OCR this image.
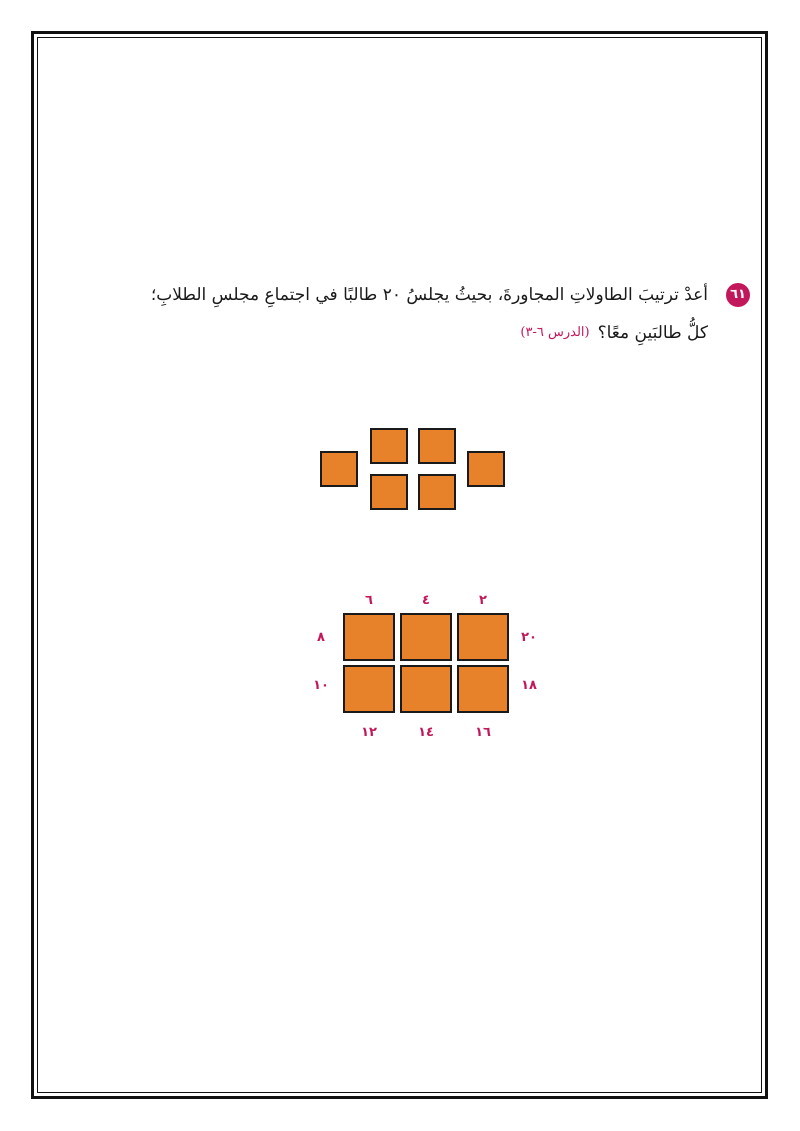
٦١
أعدْ ترتيبَ الطاولاتِ المجاورةَ، بحيثُ يجلسُ ٢٠ طالبًا في اجتماعِ مجلسِ الطلابِ؛
كلُّ طالبَينِ معًا؟
(الدرس ٦-٣)
٦	٤	٢
٨
١٠
٢٠
١٨
١٢	١٤	١٦
